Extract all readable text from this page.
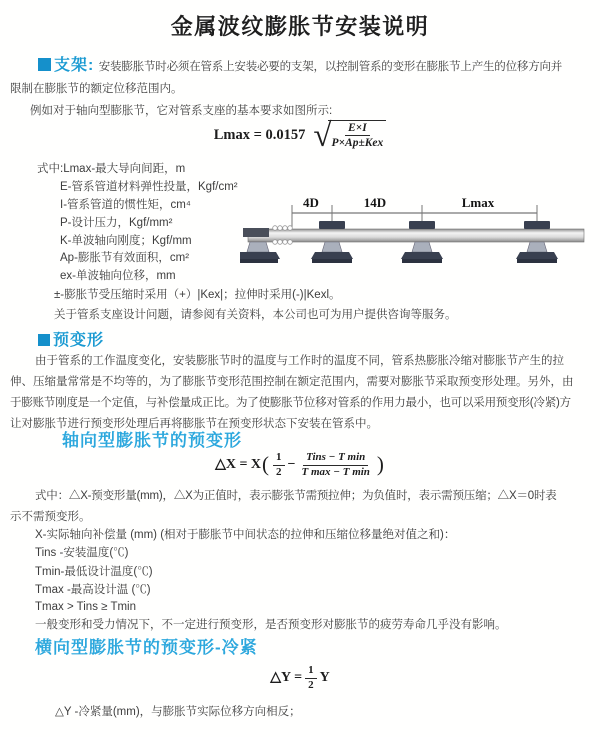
金属波纹膨胀节安装说明
支架: 安装膨胀节时必须在管系上安装必要的支架，以控制管系的变形在膨胀节上产生的位移方向并
限制在膨胀节的额定位移范围内。
例如对于轴向型膨胀节，它对管系支座的基本要求如图所示:
Lmax = 0.0157 √
$\frac{E\times I}{\text{P×Ap±Kex}}$
式中:Lmax-最大导向间距，m
E-管系管道材料弹性投量，Kgf/cm²
I-管系管道的惯性矩，cm⁴
P-设计压力，Kgf/mm²
K-单波轴向刚度；Kgf/mm
Ap-膨胀节有效面积，cm²
ex-单波轴向位移，mm
±-膨胀节受压缩时采用（+）|Kex|；拉伸时采用(-)|Kexl。
关于管系支座设计问题，请参阅有关资料，本公司也可为用户提供咨询等服务。
4D	14D	Lmax
预变形
由于管系的工作温度变化，安装膨胀节时的温度与工作时的温度不同，管系热膨胀冷缩对膨胀节产生的拉
伸、压缩量常常是不均等的，为了膨胀节变形范围控制在额定范围内，需要对膨胀节采取预变形处理。另外，由
于膨账节刚度是一个定值，与补偿量成正比。为了使膨胀节位移对管系的作用力最小，也可以采用预变形(冷紧)方
让对膨胀节进行预变形处理后再将膨胀节在预变形状态下安装在管系中。
轴向型膨胀节的预变形
△X = X ( $\frac{1}{2} - \frac{\text{Tins − T min}}{\text{T max − T min}}$ )
式中：△X-预变形量(mm)，△X为正值时，表示膨张节需预拉伸；为负值时，表示需预压缩；△X＝0时表
示不需预变形。
X-实际轴向补偿量 (mm) (相对于膨胀节中间状态的拉伸和压缩位移量绝对值之和)：
Tins -安装温度(℃)
Tmin-最低设计温度(℃)
Tmax -最高设计温 (℃)
Tmax > Tins ≥ Tmin
一般变形和受力情况下，不一定进行预变形，是否预变形对膨胀节的疲劳寿命几乎没有影响。
横向型膨胀节的预变形-冷紧
△Y = $\frac{1}{2}$ Y
△Y -冷紧量(mm)，与膨胀节实际位移方向相反；
